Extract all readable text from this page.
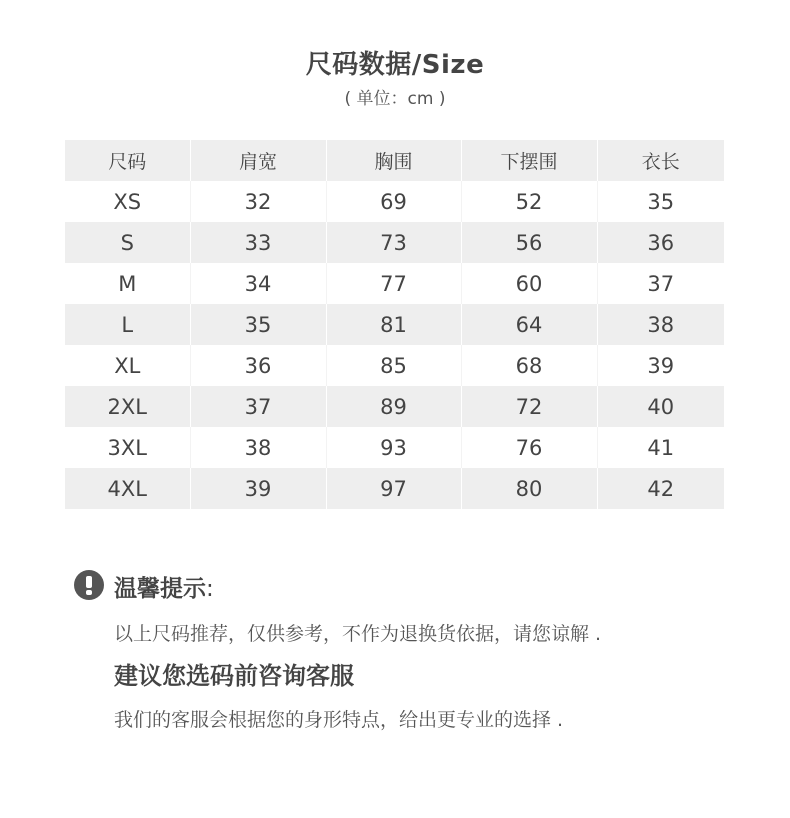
尺码数据/Size
( 单位：cm )
尺码	肩宽	胸围	下摆围	衣长
XS	32	69	52	35
S	33	73	56	36
M	34	77	60	37
L	35	81	64	38
XL	36	85	68	39
2XL	37	89	72	40
3XL	38	93	76	41
4XL	39	97	80	42
温馨提示:
以上尺码推荐，仅供参考，不作为退换货依据，请您谅解 .
建议您选码前咨询客服
我们的客服会根据您的身形特点，给出更专业的选择 .
